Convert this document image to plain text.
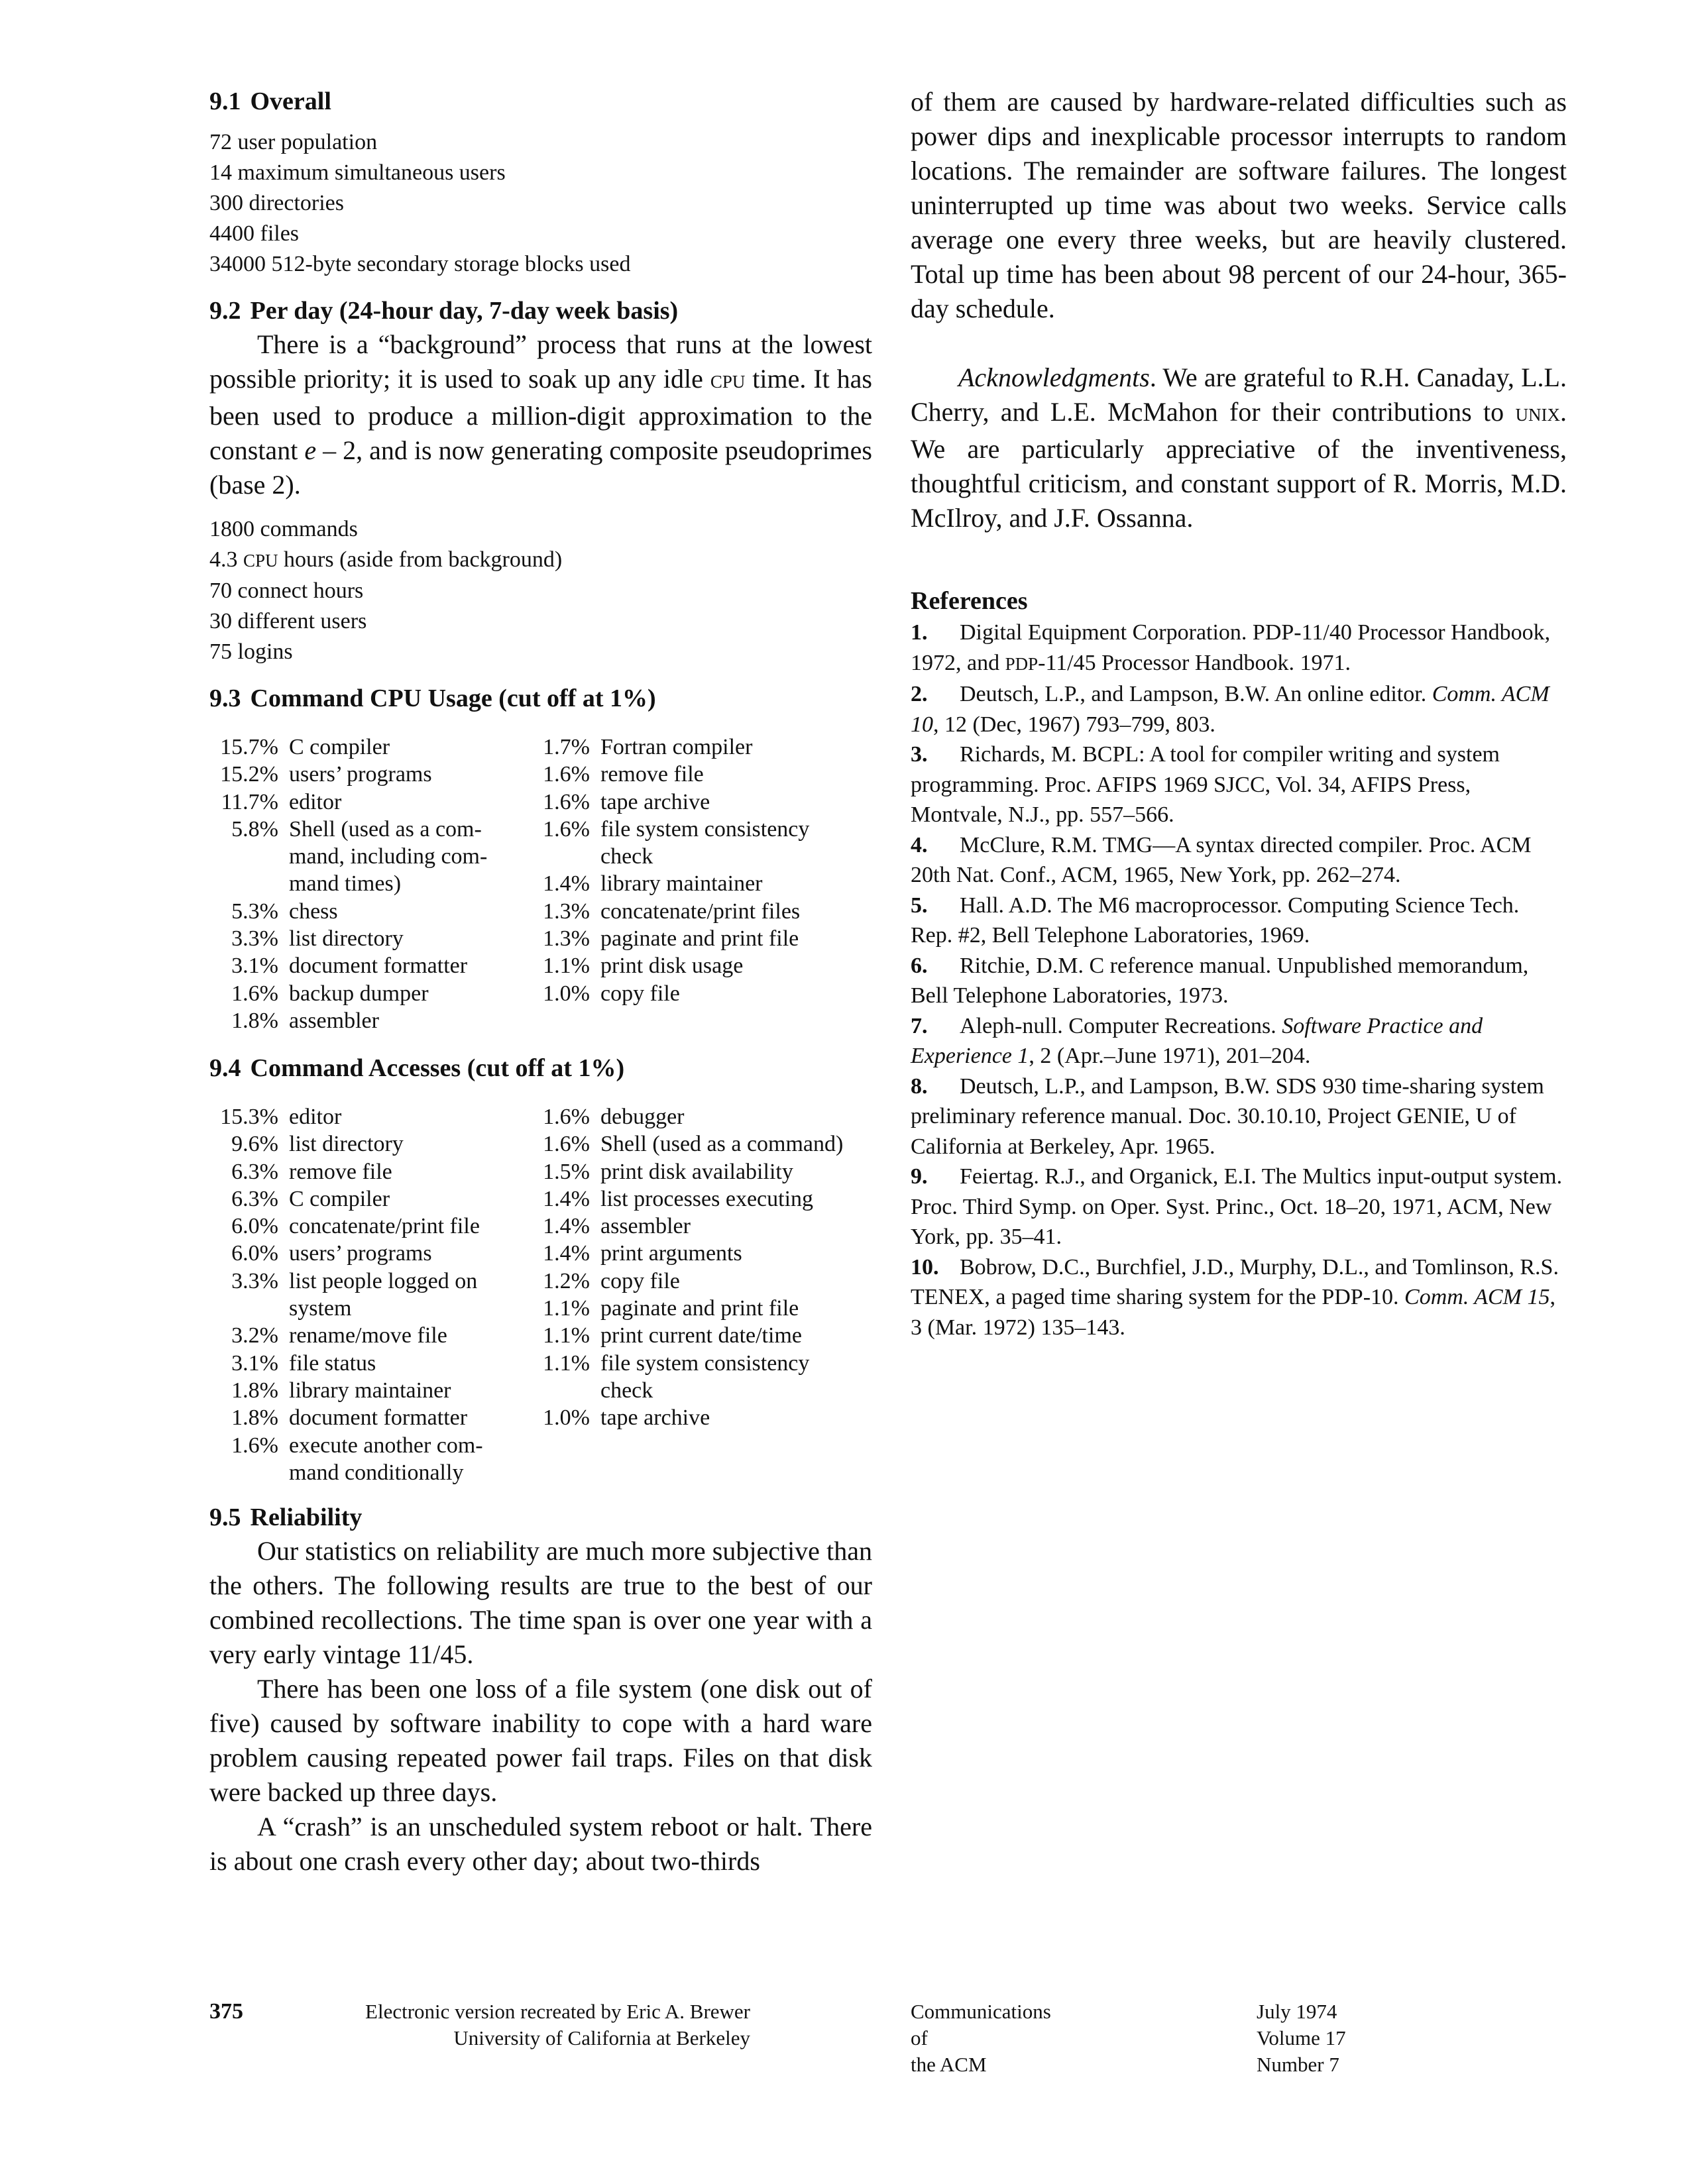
9.1 Overall
72 user population
14 maximum simultaneous users
300 directories
4400 files
34000 512-byte secondary storage blocks used
9.2 Per day (24-hour day, 7-day week basis)

There is a “background” process that runs at the lowest possible priority; it is used to soak up any idle CPU time. It has been used to produce a million-digit approximation to the constant e – 2, and is now generating composite pseudoprimes (base 2).

1800 commands
4.3 CPU hours (aside from background)
70 connect hours
30 different users
75 logins
9.3 Command CPU Usage (cut off at 1%)
15.7% C compiler
15.2% users’ programs
11.7% editor
5.8% Shell (used as a com-
mand, including com-
mand times)
5.3% chess
3.3% list directory
3.1% document formatter
1.6% backup dumper
1.8% assembler
1.7% Fortran compiler
1.6% remove file
1.6% tape archive
1.6% file system consistency
check
1.4% library maintainer
1.3% concatenate/print files
1.3% paginate and print file
1.1% print disk usage
1.0% copy file
9.4 Command Accesses (cut off at 1%)
15.3% editor
9.6% list directory
6.3% remove file
6.3% C compiler
6.0% concatenate/print file
6.0% users’ programs
3.3% list people logged on
system
3.2% rename/move file
3.1% file status
1.8% library maintainer
1.8% document formatter
1.6% execute another com-
mand conditionally
1.6% debugger
1.6% Shell (used as a command)
1.5% print disk availability
1.4% list processes executing
1.4% assembler
1.4% print arguments
1.2% copy file
1.1% paginate and print file
1.1% print current date/time
1.1% file system consistency
check
1.0% tape archive
9.5 Reliability

Our statistics on reliability are much more subjective than the others. The following results are true to the best of our combined recollections. The time span is over one year with a very early vintage 11/45.

There has been one loss of a file system (one disk out of five) caused by software inability to cope with a hard ware problem causing repeated power fail traps. Files on that disk were backed up three days.

A “crash” is an unscheduled system reboot or halt. There is about one crash every other day; about two-thirds

of them are caused by hardware-related difficulties such as power dips and inexplicable processor interrupts to random locations. The remainder are software failures. The longest uninterrupted up time was about two weeks. Service calls average one every three weeks, but are heavily clustered. Total up time has been about 98 percent of our 24-hour, 365-day schedule.

Acknowledgments. We are grateful to R.H. Canaday, L.L. Cherry, and L.E. McMahon for their contributions to UNIX. We are particularly appreciative of the inventiveness, thoughtful criticism, and constant support of R. Morris, M.D. McIlroy, and J.F. Ossanna.

References

1. Digital Equipment Corporation. PDP-11/40 Processor Handbook, 1972, and PDP-11/45 Processor Handbook. 1971.

2. Deutsch, L.P., and Lampson, B.W. An online editor. Comm. ACM 10, 12 (Dec, 1967) 793–799, 803.

3. Richards, M. BCPL: A tool for compiler writing and system programming. Proc. AFIPS 1969 SJCC, Vol. 34, AFIPS Press, Montvale, N.J., pp. 557–566.

4. McClure, R.M. TMG—A syntax directed compiler. Proc. ACM 20th Nat. Conf., ACM, 1965, New York, pp. 262–274.

5. Hall. A.D. The M6 macroprocessor. Computing Science Tech. Rep. #2, Bell Telephone Laboratories, 1969.

6. Ritchie, D.M. C reference manual. Unpublished memorandum, Bell Telephone Laboratories, 1973.

7. Aleph-null. Computer Recreations. Software Practice and Experience 1, 2 (Apr.–June 1971), 201–204.

8. Deutsch, L.P., and Lampson, B.W. SDS 930 time-sharing system preliminary reference manual. Doc. 30.10.10, Project GENIE, U of California at Berkeley, Apr. 1965.

9. Feiertag. R.J., and Organick, E.I. The Multics input-output system. Proc. Third Symp. on Oper. Syst. Princ., Oct. 18–20, 1971, ACM, New York, pp. 35–41.

10. Bobrow, D.C., Burchfiel, J.D., Murphy, D.L., and Tomlinson, R.S. TENEX, a paged time sharing system for the PDP-10. Comm. ACM 15, 3 (Mar. 1972) 135–143.

375	Electronic version recreated by Eric A. Brewer
University of California at Berkeley
Communications
of
the ACM
July 1974
Volume 17
Number 7
